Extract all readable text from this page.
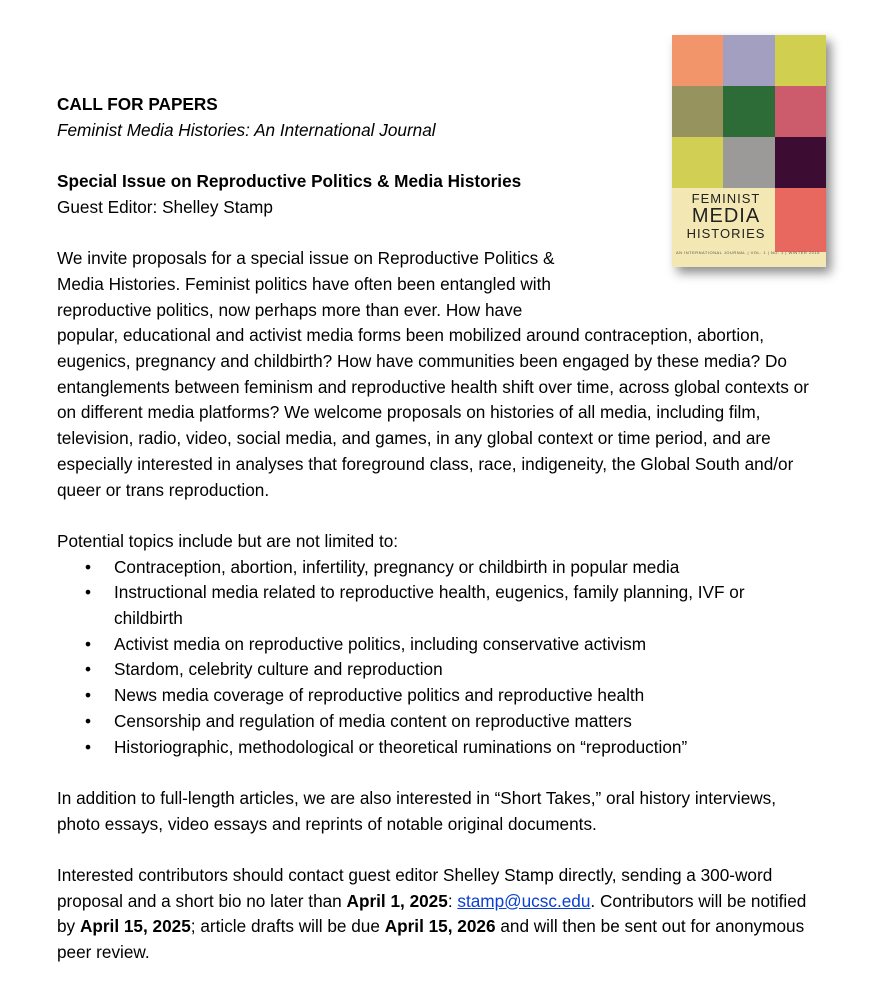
FEMINIST
MEDIA
HISTORIES
AN INTERNATIONAL JOURNAL | VOL. 1 | NO. 1 | WINTER 2015

CALL FOR PAPERS

Feminist Media Histories: An International Journal

Special Issue on Reproductive Politics & Media Histories

Guest Editor: Shelley Stamp

We invite proposals for a special issue on Reproductive Politics &
Media Histories. Feminist politics have often been entangled with
reproductive politics, now perhaps more than ever. How have
popular, educational and activist media forms been mobilized around contraception, abortion, eugenics, pregnancy and childbirth? How have communities been engaged by these media? Do entanglements between feminism and reproductive health shift over time, across global contexts or on different media platforms? We welcome proposals on histories of all media, including film, television, radio, video, social media, and games, in any global context or time period, and are especially interested in analyses that foreground class, race, indigeneity, the Global South and/or queer or trans reproduction.

Potential topics include but are not limited to:

• Contraception, abortion, infertility, pregnancy or childbirth in popular media
• Instructional media related to reproductive health, eugenics, family planning, IVF or childbirth
• Activist media on reproductive politics, including conservative activism
• Stardom, celebrity culture and reproduction
• News media coverage of reproductive politics and reproductive health
• Censorship and regulation of media content on reproductive matters
• Historiographic, methodological or theoretical ruminations on “reproduction”

In addition to full-length articles, we are also interested in “Short Takes,” oral history interviews, photo essays, video essays and reprints of notable original documents.

Interested contributors should contact guest editor Shelley Stamp directly, sending a 300-word proposal and a short bio no later than April 1, 2025: stamp@ucsc.edu. Contributors will be notified by April 15, 2025; article drafts will be due April 15, 2026 and will then be sent out for anonymous peer review.
